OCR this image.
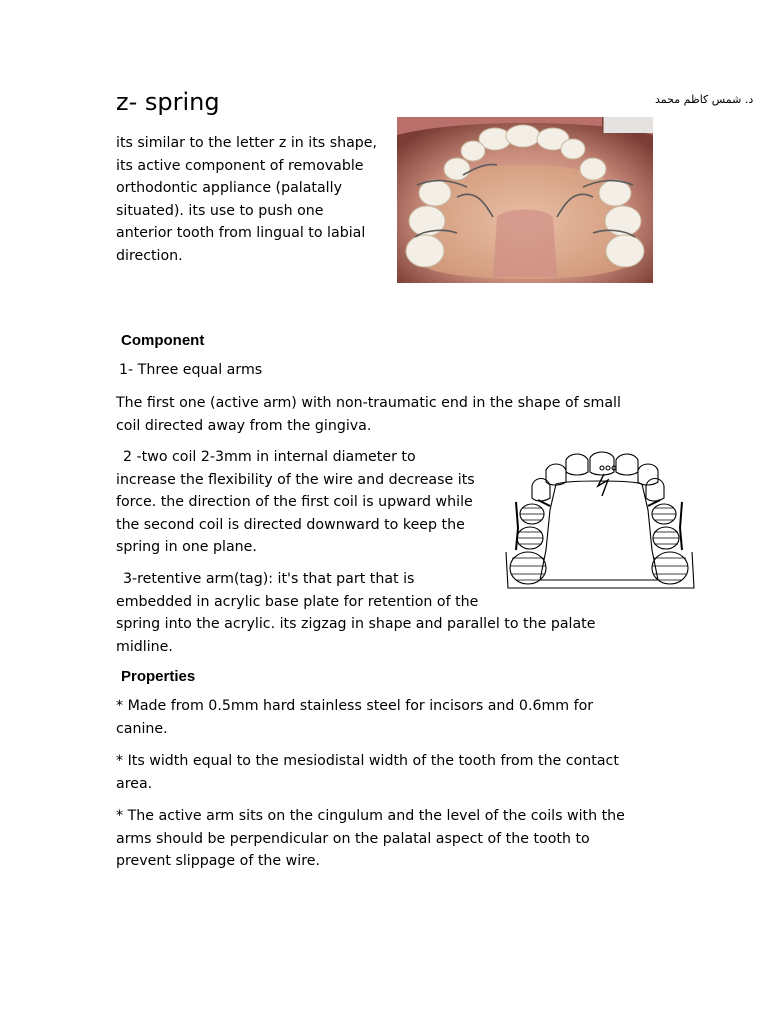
z- spring	د. شمس كاظم محمد
its similar to the letter z in its shape,
its active component of removable
orthodontic appliance (palatally
situated). its use to push one
anterior tooth from lingual to labial
direction.
Component
1- Three equal arms
The first one (active arm) with non-traumatic end in the shape of small
coil directed away from the gingiva.
2 -two coil 2-3mm in internal diameter to
increase the flexibility of the wire and decrease its
force. the direction of the first coil is upward while
the second coil is directed downward to keep the
spring in one plane.
3-retentive arm(tag): it's that part that is
embedded in acrylic base plate for retention of the
spring into the acrylic. its zigzag in shape and parallel to the palate
midline.
Properties
* Made from 0.5mm hard stainless steel for incisors and 0.6mm for
canine.
* Its width equal to the mesiodistal width of the tooth from the contact
area.
* The active arm sits on the cingulum and the level of the coils with the
arms should be perpendicular on the palatal aspect of the tooth to
prevent slippage of the wire.
